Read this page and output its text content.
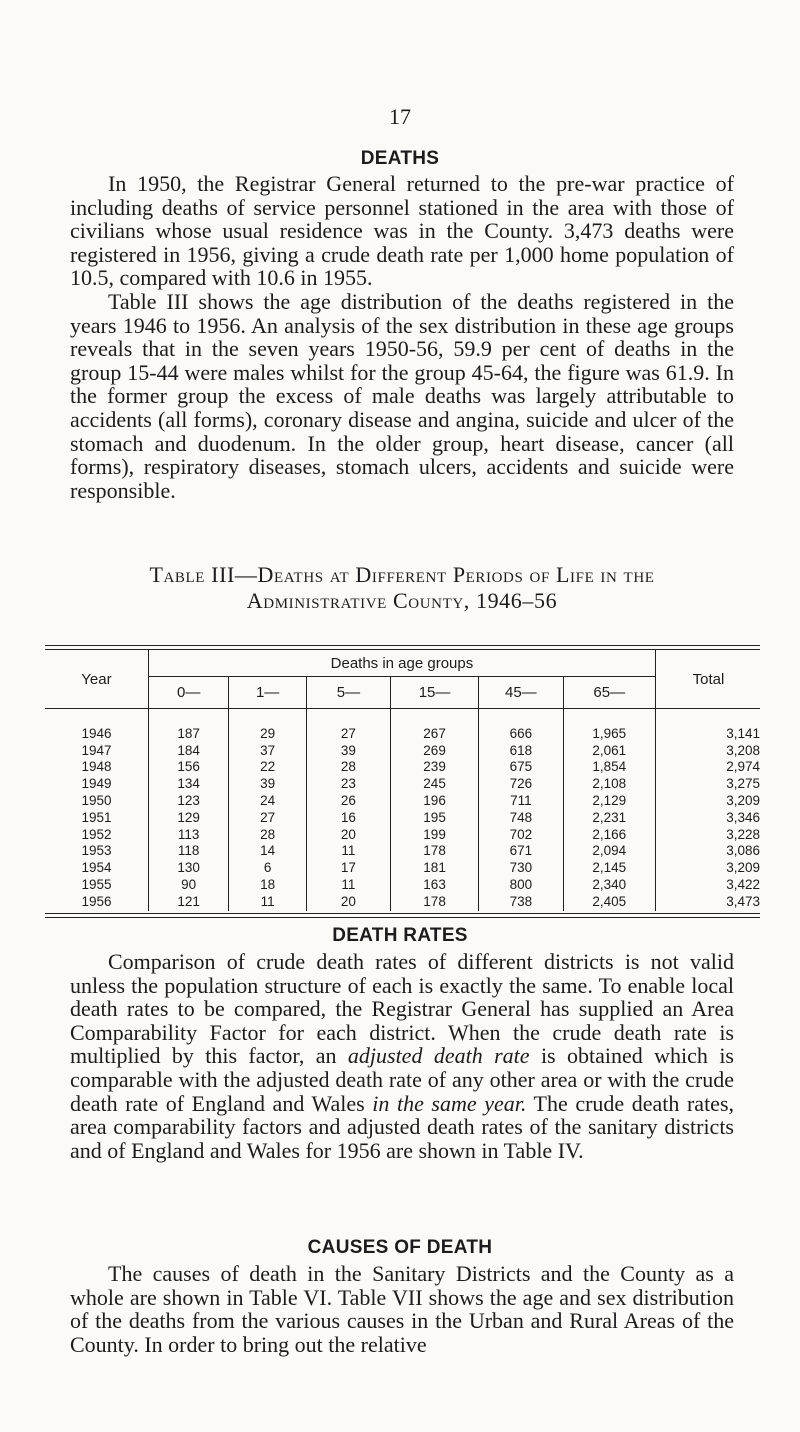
17
DEATHS

In 1950, the Registrar General returned to the pre-war practice of including deaths of service personnel stationed in the area with those of civilians whose usual residence was in the County. 3,473 deaths were registered in 1956, giving a crude death rate per 1,000 home population of 10.5, compared with 10.6 in 1955.

Table III shows the age distribution of the deaths registered in the years 1946 to 1956. An analysis of the sex distribution in these age groups reveals that in the seven years 1950-56, 59.9 per cent of deaths in the group 15-44 were males whilst for the group 45-64, the figure was 61.9. In the former group the excess of male deaths was largely attributable to accidents (all forms), coronary disease and angina, suicide and ulcer of the stomach and duodenum. In the older group, heart disease, cancer (all forms), respiratory diseases, stomach ulcers, accidents and suicide were responsible.

Table III—Deaths at Different Periods of Life in the
Administrative County, 1946–56
Year	Deaths in age groups						Total
	0—	1—	5—	15—	45—	65—	

1946	187	29	27	267	666	1,965	3,141
1947	184	37	39	269	618	2,061	3,208
1948	156	22	28	239	675	1,854	2,974
1949	134	39	23	245	726	2,108	3,275
1950	123	24	26	196	711	2,129	3,209
1951	129	27	16	195	748	2,231	3,346
1952	113	28	20	199	702	2,166	3,228
1953	118	14	11	178	671	2,094	3,086
1954	130	6	17	181	730	2,145	3,209
1955	90	18	11	163	800	2,340	3,422
1956	121	11	20	178	738	2,405	3,473
DEATH RATES

Comparison of crude death rates of different districts is not valid unless the population structure of each is exactly the same. To enable local death rates to be compared, the Registrar General has supplied an Area Comparability Factor for each district. When the crude death rate is multiplied by this factor, an adjusted death rate is obtained which is comparable with the adjusted death rate of any other area or with the crude death rate of England and Wales in the same year. The crude death rates, area comparability factors and adjusted death rates of the sanitary districts and of England and Wales for 1956 are shown in Table IV.

CAUSES OF DEATH

The causes of death in the Sanitary Districts and the County as a whole are shown in Table VI. Table VII shows the age and sex distribution of the deaths from the various causes in the Urban and Rural Areas of the County. In order to bring out the relative
